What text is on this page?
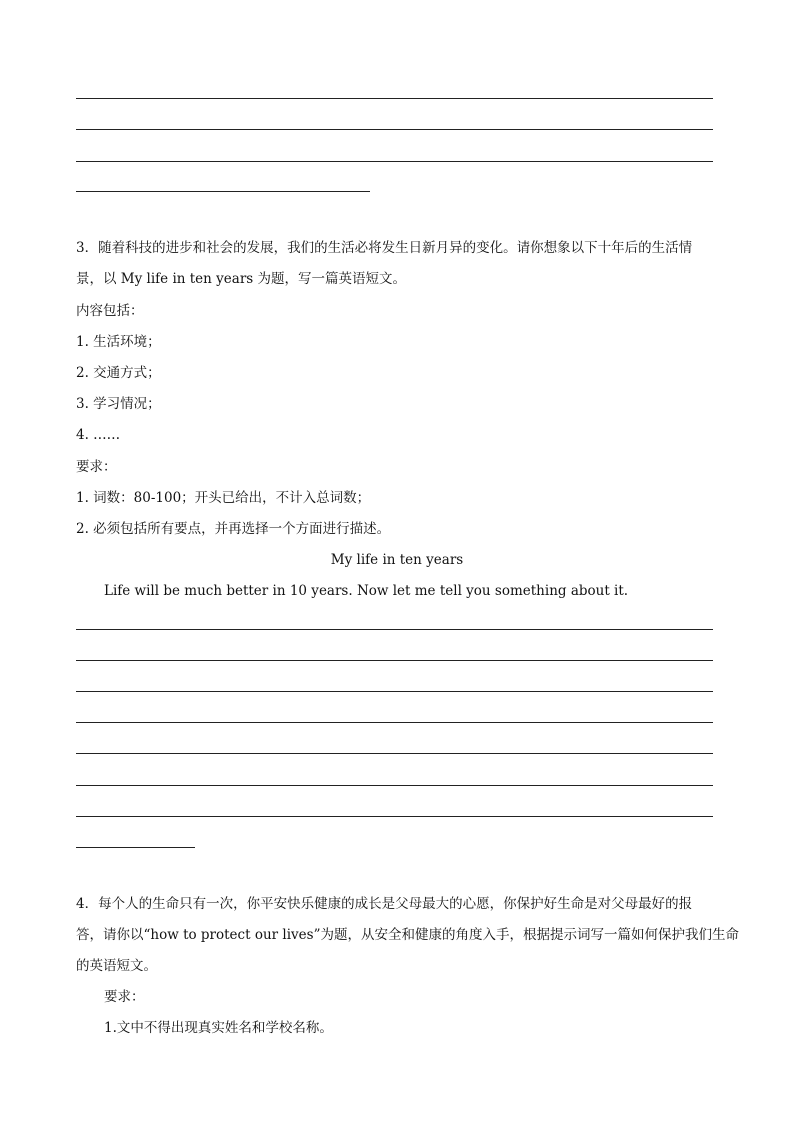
3．随着科技的进步和社会的发展，我们的生活必将发生日新月异的变化。请你想象以下十年后的生活情
景，以 My life in ten years 为题，写一篇英语短文。
内容包括：
1. 生活环境；
2. 交通方式；
3. 学习情况；
4. ……
要求：
1. 词数：80-100；开头已给出，不计入总词数；
2. 必须包括所有要点，并再选择一个方面进行描述。
My life in ten years
Life will be much better in 10 years. Now let me tell you something about it.
4．每个人的生命只有一次，你平安快乐健康的成长是父母最大的心愿，你保护好生命是对父母最好的报
答，请你以“how to protect our lives”为题，从安全和健康的角度入手，根据提示词写一篇如何保护我们生命
的英语短文。
要求：
1.文中不得出现真实姓名和学校名称。
